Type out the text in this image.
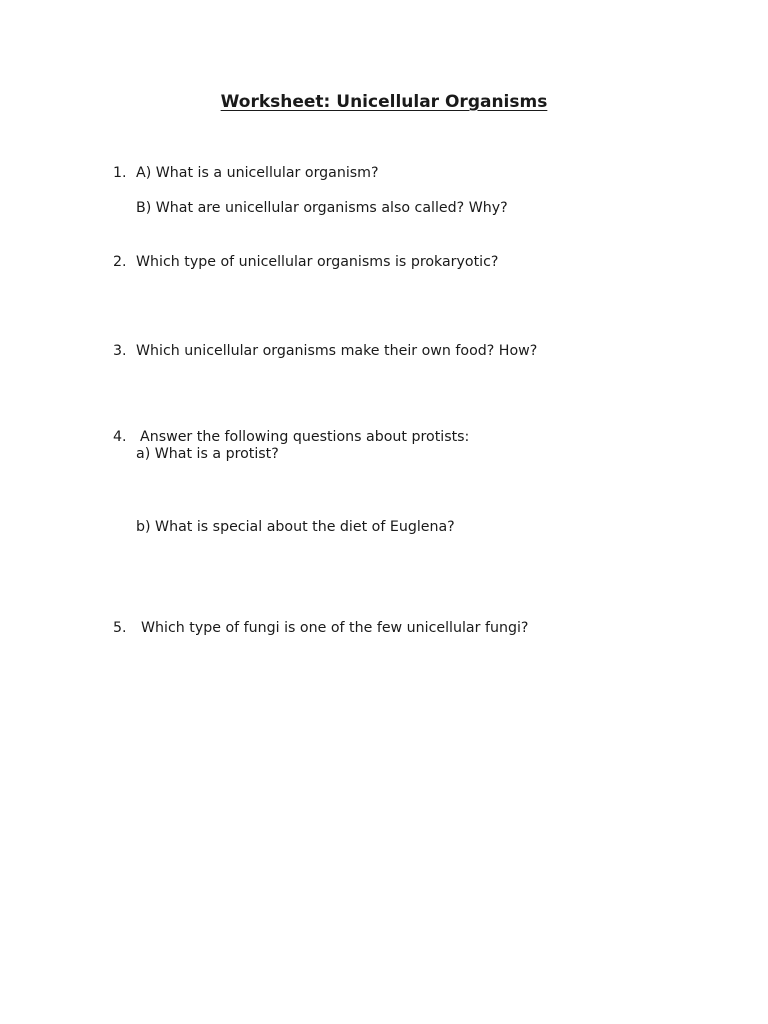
Worksheet: Unicellular Organisms
1. A) What is a unicellular organism?
B) What are unicellular organisms also called? Why?
2. Which type of unicellular organisms is prokaryotic?
3. Which unicellular organisms make their own food? How?
4. Answer the following questions about protists:
a) What is a protist?
b) What is special about the diet of Euglena?
5. Which type of fungi is one of the few unicellular fungi?
